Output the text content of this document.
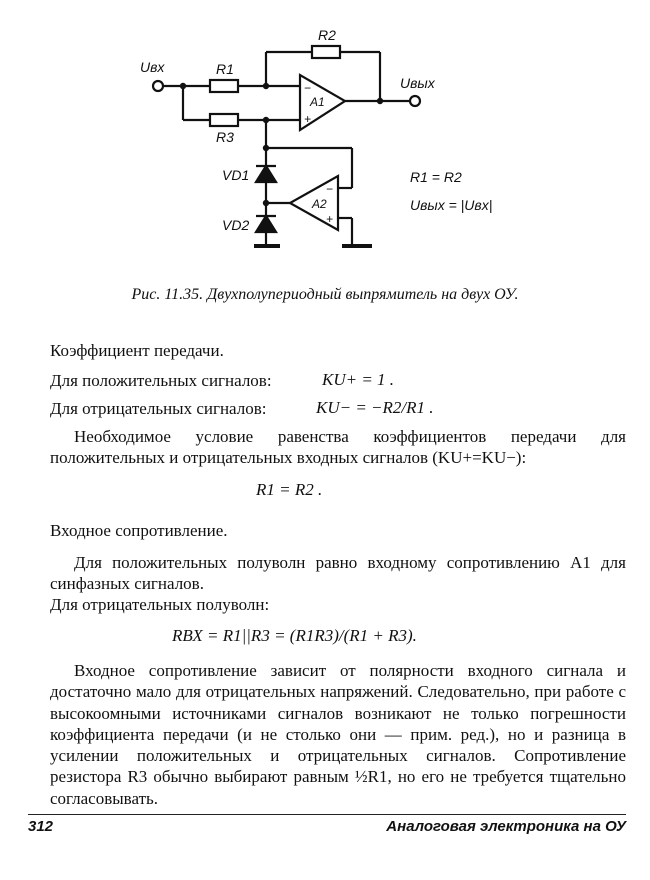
Uвх	R1
R2
R3
Uвых
A1
−
+
A2
−
+
VD1
VD2
R1 = R2
Uвых = |Uвх|
Рис. 11.35. Двухполупериодный выпрямитель на двух ОУ.
Коэффициент передачи.
Для положительных сигналов:	KU+ = 1 .
Для отрицательных сигналов:	KU− = −R2/R1 .
Необходимое условие равенства коэффициентов передачи для положительных и отрицательных входных сигналов (KU+=KU−):
R1 = R2 .
Входное сопротивление.
Для положительных полуволн равно входному сопротивлению A1 для синфазных сигналов.
Для отрицательных полуволн:
RВХ = R1||R3 = (R1R3)/(R1 + R3).
Входное сопротивление зависит от полярности входного сигнала и достаточно мало для отрицательных напряжений. Следовательно, при работе с высокоомными источниками сигналов возникают не только погрешности коэффициента передачи (и не столько они — прим. ред.), но и разница в усилении положительных и отрицательных сигналов. Сопротивление резистора R3 обычно выбирают равным ½R1, но его не требуется тщательно согласовывать.
312	Аналоговая электроника на ОУ
